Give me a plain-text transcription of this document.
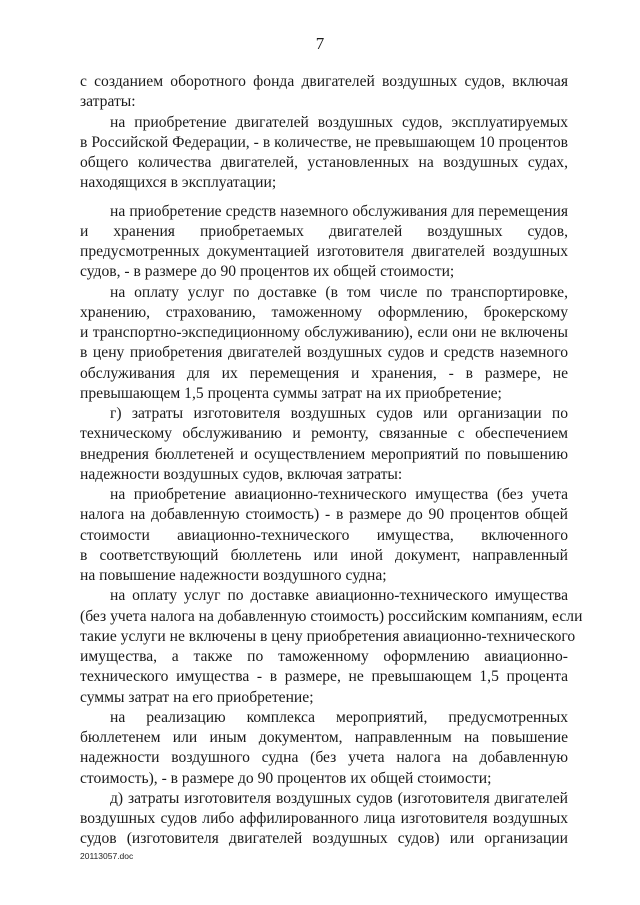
7
с созданием оборотного фонда двигателей воздушных судов, включая
затраты:
на приобретение двигателей воздушных судов, эксплуатируемых
в Российской Федерации, - в количестве, не превышающем 10 процентов
общего количества двигателей, установленных на воздушных судах,
находящихся в эксплуатации;
на приобретение средств наземного обслуживания для перемещения
и хранения приобретаемых двигателей воздушных судов,
предусмотренных документацией изготовителя двигателей воздушных
судов, - в размере до 90 процентов их общей стоимости;
на оплату услуг по доставке (в том числе по транспортировке,
хранению, страхованию, таможенному оформлению, брокерскому
и транспортно-экспедиционному обслуживанию), если они не включены
в цену приобретения двигателей воздушных судов и средств наземного
обслуживания для их перемещения и хранения, - в размере, не
превышающем 1,5 процента суммы затрат на их приобретение;
г) затраты изготовителя воздушных судов или организации по
техническому обслуживанию и ремонту, связанные с обеспечением
внедрения бюллетеней и осуществлением мероприятий по повышению
надежности воздушных судов, включая затраты:
на приобретение авиационно-технического имущества (без учета
налога на добавленную стоимость) - в размере до 90 процентов общей
стоимости авиационно-технического имущества, включенного
в соответствующий бюллетень или иной документ, направленный
на повышение надежности воздушного судна;
на оплату услуг по доставке авиационно-технического имущества
(без учета налога на добавленную стоимость) российским компаниям, если
такие услуги не включены в цену приобретения авиационно-технического
имущества, а также по таможенному оформлению авиационно-
технического имущества - в размере, не превышающем 1,5 процента
суммы затрат на его приобретение;
на реализацию комплекса мероприятий, предусмотренных
бюллетенем или иным документом, направленным на повышение
надежности воздушного судна (без учета налога на добавленную
стоимость), - в размере до 90 процентов их общей стоимости;
д) затраты изготовителя воздушных судов (изготовителя двигателей
воздушных судов либо аффилированного лица изготовителя воздушных
судов (изготовителя двигателей воздушных судов) или организации
20113057.doc
